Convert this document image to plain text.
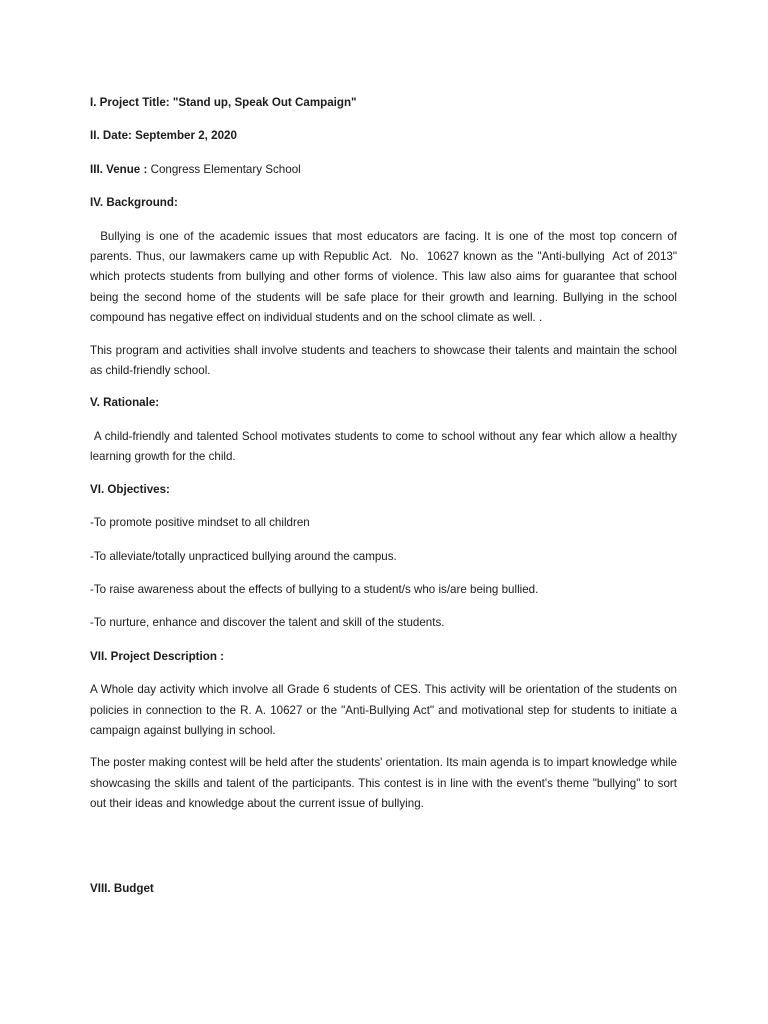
I. Project Title: "Stand up, Speak Out Campaign"
II. Date: September 2, 2020
III. Venue : Congress Elementary School
IV. Background:
Bullying is one of the academic issues that most educators are facing. It is one of the most top concern of parents. Thus, our lawmakers came up with Republic Act.  No.  10627 known as the "Anti-bullying  Act of 2013" which protects students from bullying and other forms of violence. This law also aims for guarantee that school being the second home of the students will be safe place for their growth and learning. Bullying in the school compound has negative effect on individual students and on the school climate as well. .
This program and activities shall involve students and teachers to showcase their talents and maintain the school as child-friendly school.
V. Rationale:
A child-friendly and talented School motivates students to come to school without any fear which allow a healthy learning growth for the child.
VI. Objectives:
-To promote positive mindset to all children
-To alleviate/totally unpracticed bullying around the campus.
-To raise awareness about the effects of bullying to a student/s who is/are being bullied.
-To nurture, enhance and discover the talent and skill of the students.
VII. Project Description :
A Whole day activity which involve all Grade 6 students of CES. This activity will be orientation of the students on policies in connection to the R. A. 10627 or the "Anti-Bullying Act" and motivational step for students to initiate a campaign against bullying in school.
The poster making contest will be held after the students' orientation. Its main agenda is to impart knowledge while showcasing the skills and talent of the participants. This contest is in line with the event's theme "bullying" to sort out their ideas and knowledge about the current issue of bullying.
VIII. Budget
